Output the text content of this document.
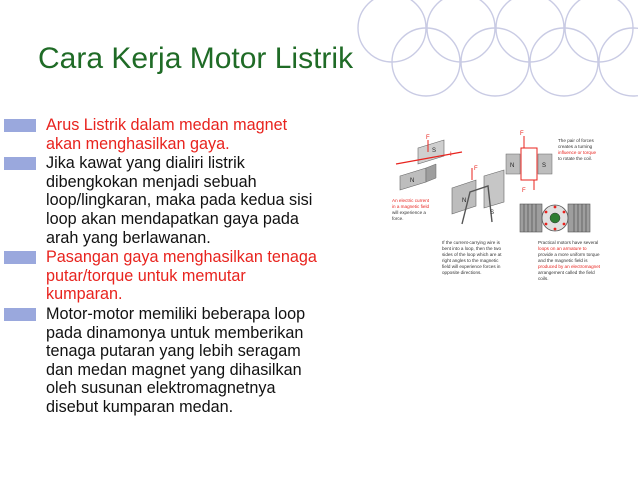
Cara Kerja Motor Listrik
Arus Listrik dalam medan magnet
akan menghasilkan gaya.
Jika kawat yang dialiri listrik
dibengkokan menjadi sebuah
loop/lingkaran, maka pada kedua sisi
loop akan mendapatkan gaya pada
arah yang berlawanan.
Pasangan gaya menghasilkan tenaga
putar/torque untuk memutar
kumparan.
Motor-motor memiliki beberapa loop
pada dinamonya untuk memberikan
tenaga putaran yang lebih seragam
dan medan magnet yang dihasilkan
oleh susunan elektromagnetnya
disebut kumparan medan.
F
S
N
I
An electric current
in a magnetic field
will experience a
force.
F
N	S
F
The pair of forces
creates a turning
influence or torque
to rotate the coil.
F
N
S
If the current-carrying wire is
bent into a loop, then the two
sides of the loop which are at
right angles to the magnetic
field will experience forces in
opposite directions.
Practical motors have several
loops on an armature to
provide a more uniform torque
and the magnetic field is
produced by an electromagnet
arrangement called the field
coils.
